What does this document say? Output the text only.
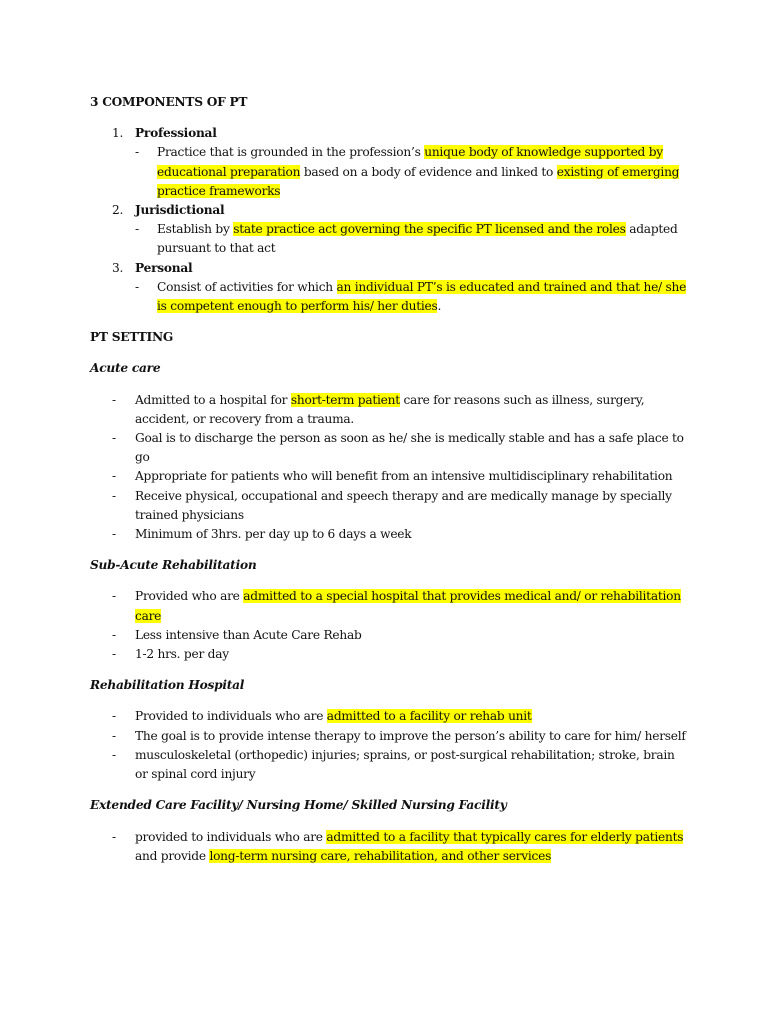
3 COMPONENTS OF PT
1. Professional
- Practice that is grounded in the profession’s unique body of knowledge supported by educational preparation based on a body of evidence and linked to existing of emerging practice frameworks
2. Jurisdictional
- Establish by state practice act governing the specific PT licensed and the roles adapted pursuant to that act
3. Personal
- Consist of activities for which an individual PT’s is educated and trained and that he/ she is competent enough to perform his/ her duties.
PT SETTING
Acute care
- Admitted to a hospital for short-term patient care for reasons such as illness, surgery, accident, or recovery from a trauma.
- Goal is to discharge the person as soon as he/ she is medically stable and has a safe place to go
- Appropriate for patients who will benefit from an intensive multidisciplinary rehabilitation
- Receive physical, occupational and speech therapy and are medically manage by specially trained physicians
- Minimum of 3hrs. per day up to 6 days a week
Sub-Acute Rehabilitation
- Provided who are admitted to a special hospital that provides medical and/ or rehabilitation care
- Less intensive than Acute Care Rehab
- 1-2 hrs. per day
Rehabilitation Hospital
- Provided to individuals who are admitted to a facility or rehab unit
- The goal is to provide intense therapy to improve the person’s ability to care for him/ herself
- musculoskeletal (orthopedic) injuries; sprains, or post-surgical rehabilitation; stroke, brain or spinal cord injury
Extended Care Facility/ Nursing Home/ Skilled Nursing Facility
- provided to individuals who are admitted to a facility that typically cares for elderly patients and provide long-term nursing care, rehabilitation, and other services
